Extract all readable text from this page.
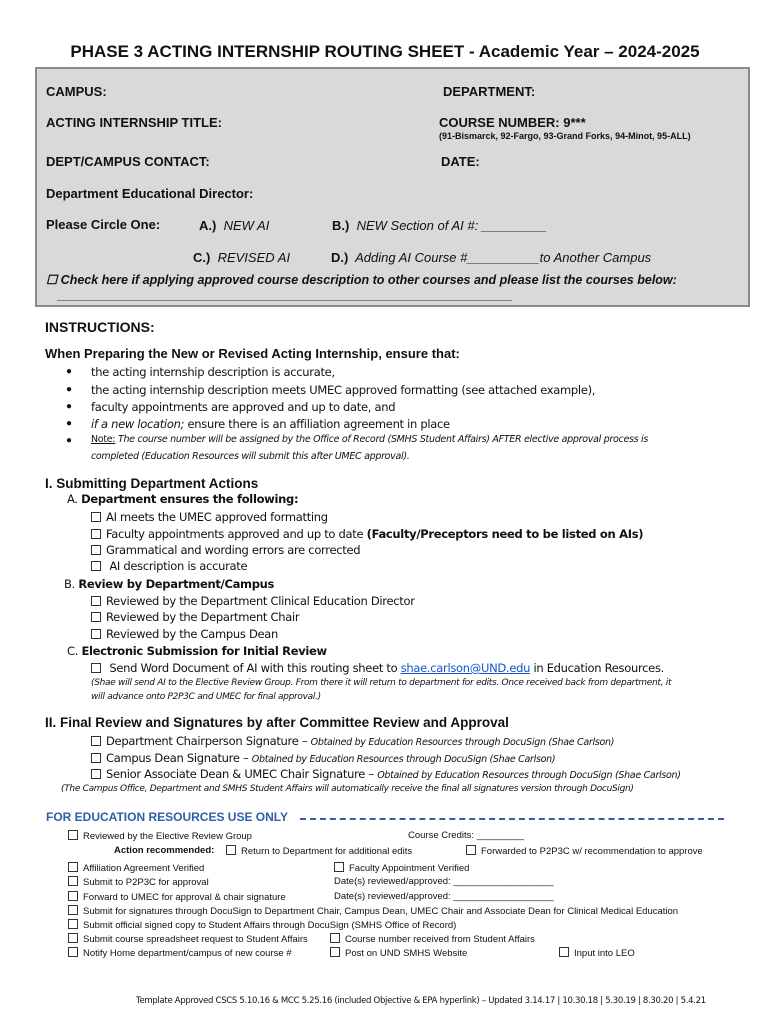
PHASE 3 ACTING INTERNSHIP ROUTING SHEET - Academic Year – 2024-2025
CAMPUS:	DEPARTMENT:
ACTING INTERNSHIP TITLE:	COURSE NUMBER: 9***
(91-Bismarck, 92-Fargo, 93-Grand Forks, 94-Minot, 95-ALL)
DEPT/CAMPUS CONTACT:	DATE:
Department Educational Director:
Please Circle One:	A.) NEW AI	B.) NEW Section of AI #: _________
C.) REVISED AI	D.) Adding AI Course #__________to Another Campus
☐ Check here if applying approved course description to other courses and please list the courses below:
INSTRUCTIONS:
When Preparing the New or Revised Acting Internship, ensure that:
● the acting internship description is accurate,
● the acting internship description meets UMEC approved formatting (see attached example),
● faculty appointments are approved and up to date, and
● if a new location; ensure there is an affiliation agreement in place
● Note: The course number will be assigned by the Office of Record (SMHS Student Affairs) AFTER elective approval process is
completed (Education Resources will submit this after UMEC approval).
I. Submitting Department Actions
A. Department ensures the following:
AI meets the UMEC approved formatting
Faculty appointments approved and up to date (Faculty/Preceptors need to be listed on AIs)
Grammatical and wording errors are corrected
AI description is accurate
B. Review by Department/Campus
Reviewed by the Department Clinical Education Director
Reviewed by the Department Chair
Reviewed by the Campus Dean
C. Electronic Submission for Initial Review
Send Word Document of AI with this routing sheet to shae.carlson@UND.edu in Education Resources.
(Shae will send AI to the Elective Review Group. From there it will return to department for edits. Once received back from department, it
will advance onto P2P3C and UMEC for final approval.)
II. Final Review and Signatures by after Committee Review and Approval
Department Chairperson Signature – Obtained by Education Resources through DocuSign (Shae Carlson)
Campus Dean Signature – Obtained by Education Resources through DocuSign (Shae Carlson)
Senior Associate Dean & UMEC Chair Signature – Obtained by Education Resources through DocuSign (Shae Carlson)
(The Campus Office, Department and SMHS Student Affairs will automatically receive the final all signatures version through DocuSign)
FOR EDUCATION RESOURCES USE ONLY
Reviewed by the Elective Review Group	Course Credits: _________
Action recommended:	Return to Department for additional edits	Forwarded to P2P3C w/ recommendation to approve
Affiliation Agreement Verified	Faculty Appointment Verified
Submit to P2P3C for approval	Date(s) reviewed/approved: ___________________
Forward to UMEC for approval & chair signature	Date(s) reviewed/approved: ___________________
Submit for signatures through DocuSign to Department Chair, Campus Dean, UMEC Chair and Associate Dean for Clinical Medical Education
Submit official signed copy to Student Affairs through DocuSign (SMHS Office of Record)
Submit course spreadsheet request to Student Affairs	Course number received from Student Affairs
Notify Home department/campus of new course #	Post on UND SMHS Website	Input into LEO
Template Approved CSCS 5.10.16 & MCC 5.25.16 (included Objective & EPA hyperlink) – Updated 3.14.17 | 10.30.18 | 5.30.19 | 8.30.20 | 5.4.21
